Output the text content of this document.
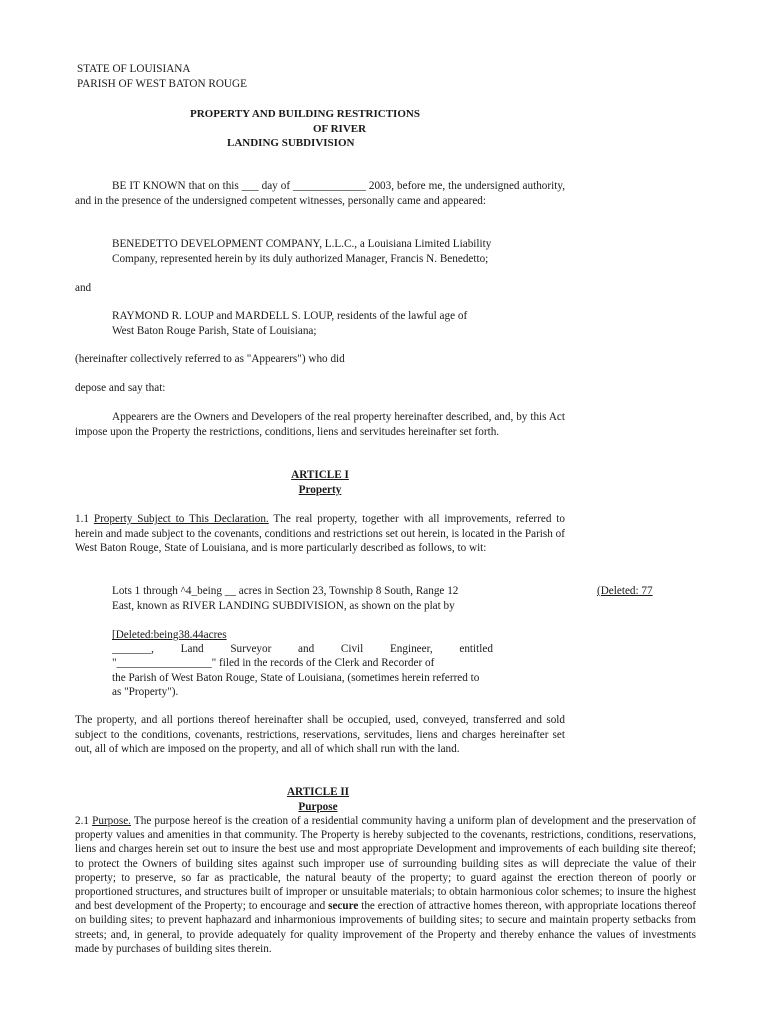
STATE OF LOUISIANA
PARISH OF WEST BATON ROUGE
PROPERTY AND BUILDING RESTRICTIONS
OF RIVER
LANDING SUBDIVISION

BE IT KNOWN that on this ___ day of _____________ 2003, before me, the undersigned authority, and in the presence of the undersigned competent witnesses, personally came and appeared:

BENEDETTO DEVELOPMENT COMPANY, L.L.C., a Louisiana Limited Liability
Company, represented herein by its duly authorized Manager, Francis N. Benedetto;

and

RAYMOND R. LOUP and MARDELL S. LOUP, residents of the lawful age of
West Baton Rouge Parish, State of Louisiana;

(hereinafter collectively referred to as "Appearers") who did

depose and say that:

Appearers are the Owners and Developers of the real property hereinafter described, and, by this Act impose upon the Property the restrictions, conditions, liens and servitudes hereinafter set forth.

ARTICLE I
Property

1.1 Property Subject to This Declaration. The real property, together with all improvements, referred to herein and made subject to the covenants, conditions and restrictions set out herein, is located in the Parish of West Baton Rouge, State of Louisiana, and is more particularly described as follows, to wit:

Lots 1 through ^4_being __ acres in Section 23, Township 8 South, Range 12
East, known as RIVER LANDING SUBDIVISION, as shown on the plat by
(Deleted: 77
[Deleted:being38.44acres
_______, Land Surveyor and Civil Engineer, entitled
"_________________" filed in the records of the Clerk and Recorder of
the Parish of West Baton Rouge, State of Louisiana, (sometimes herein referred to
as "Property").

The property, and all portions thereof hereinafter shall be occupied, used, conveyed, transferred and sold subject to the conditions, covenants, restrictions, reservations, servitudes, liens and charges hereinafter set out, all of which are imposed on the property, and all of which shall run with the land.

ARTICLE II
Purpose

2.1 Purpose. The purpose hereof is the creation of a residential community having a uniform plan of development and the preservation of property values and amenities in that community. The Property is hereby subjected to the covenants, restrictions, conditions, reservations, liens and charges herein set out to insure the best use and most appropriate Development and improvements of each building site thereof; to protect the Owners of building sites against such improper use of surrounding building sites as will depreciate the value of their property; to preserve, so far as practicable, the natural beauty of the property; to guard against the erection thereon of poorly or proportioned structures, and structures built of improper or unsuitable materials; to obtain harmonious color schemes; to insure the highest and best development of the Property; to encourage and secure the erection of attractive homes thereon, with appropriate locations thereof on building sites; to prevent haphazard and inharmonious improvements of building sites; to secure and maintain property setbacks from streets; and, in general, to provide adequately for quality improvement of the Property and thereby enhance the values of investments made by purchases of building sites therein.
